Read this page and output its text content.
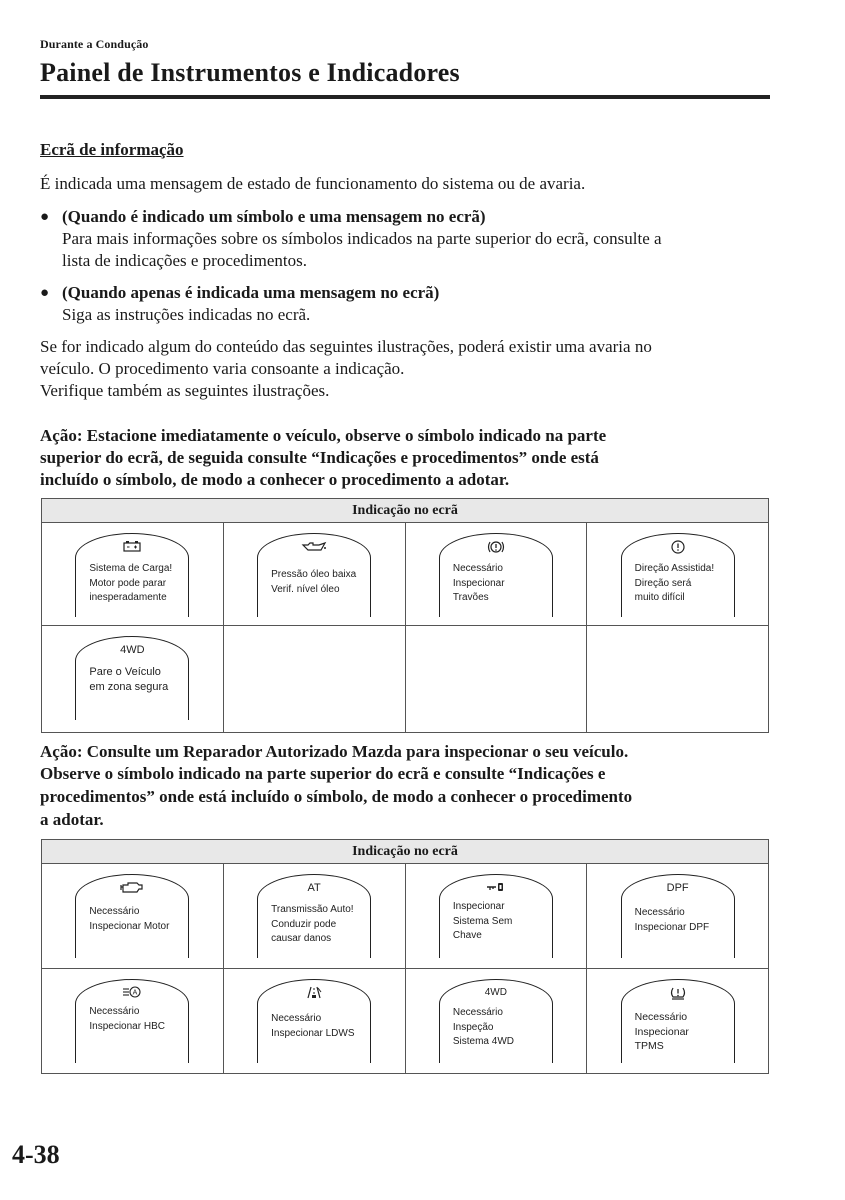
Durante a Condução
Painel de Instrumentos e Indicadores
Ecrã de informação
É indicada uma mensagem de estado de funcionamento do sistema ou de avaria.
● (Quando é indicado um símbolo e uma mensagem no ecrã)
Para mais informações sobre os símbolos indicados na parte superior do ecrã, consulte a
lista de indicações e procedimentos.
● (Quando apenas é indicada uma mensagem no ecrã)
Siga as instruções indicadas no ecrã.
Se for indicado algum do conteúdo das seguintes ilustrações, poderá existir uma avaria no
veículo. O procedimento varia consoante a indicação.
Verifique também as seguintes ilustrações.
Ação: Estacione imediatamente o veículo, observe o símbolo indicado na parte
superior do ecrã, de seguida consulte “Indicações e procedimentos” onde está
incluído o símbolo, de modo a conhecer o procedimento a adotar.
Indicação no ecrã
Sistema de Carga!
Motor pode parar
inesperadamente
Pressão óleo baixa
Verif. nível óleo
Necessário
Inspecionar
Travões
Direção Assistida!
Direção será
muito difícil
4WD
Pare o Veículo
em zona segura
Ação: Consulte um Reparador Autorizado Mazda para inspecionar o seu veículo.
Observe o símbolo indicado na parte superior do ecrã e consulte “Indicações e
procedimentos” onde está incluído o símbolo, de modo a conhecer o procedimento
a adotar.
Indicação no ecrã
Necessário
Inspecionar Motor
AT
Transmissão Auto!
Conduzir pode
causar danos
Inspecionar
Sistema Sem
Chave
DPF
Necessário
Inspecionar DPF
A
Necessário
Inspecionar HBC
Necessário
Inspecionar LDWS
4WD
Necessário
Inspeção
Sistema 4WD
Necessário
Inspecionar
TPMS
4-38
